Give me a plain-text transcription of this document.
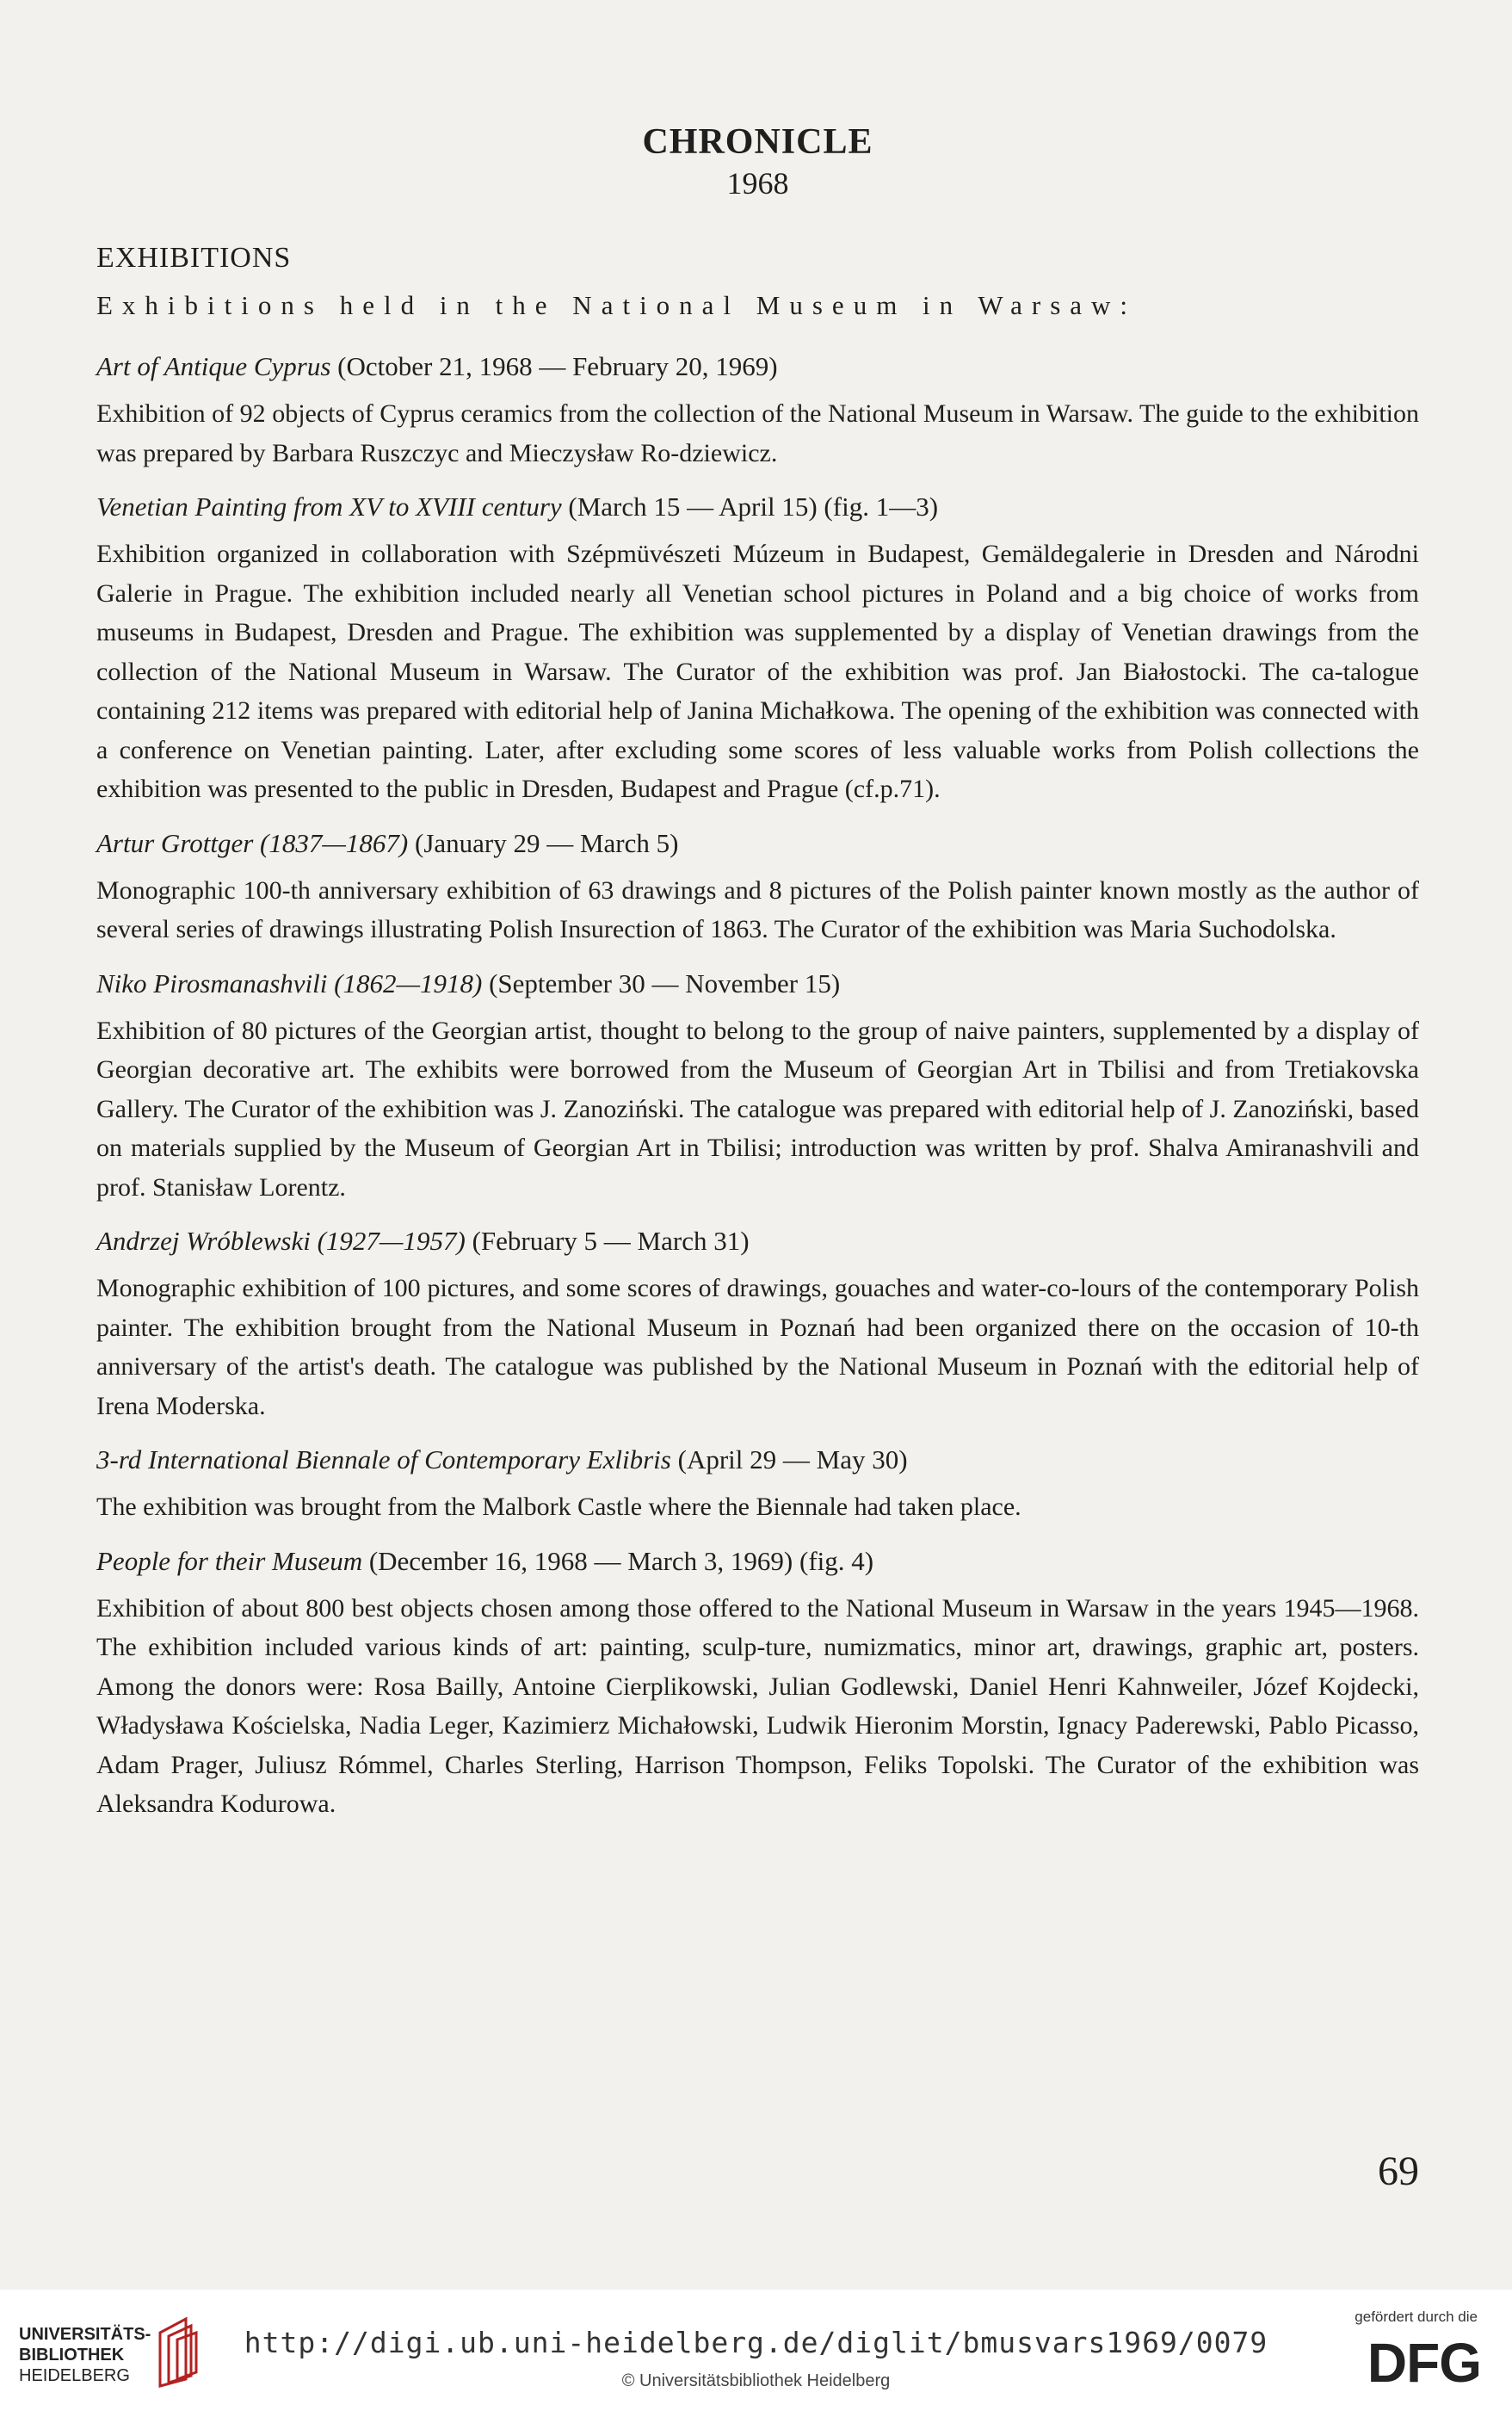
CHRONICLE
1968
EXHIBITIONS
Exhibitions held in the National Museum in Warsaw:

Art of Antique Cyprus (October 21, 1968 — February 20, 1969)

Exhibition of 92 objects of Cyprus ceramics from the collection of the National Museum in Warsaw. The guide to the exhibition was prepared by Barbara Ruszczyc and Mieczysław Ro-dziewicz.

Venetian Painting from XV to XVIII century (March 15 — April 15) (fig. 1—3)

Exhibition organized in collaboration with Szépmüvészeti Múzeum in Budapest, Gemäldegalerie in Dresden and Národni Galerie in Prague. The exhibition included nearly all Venetian school pictures in Poland and a big choice of works from museums in Budapest, Dresden and Prague. The exhibition was supplemented by a display of Venetian drawings from the collection of the National Museum in Warsaw. The Curator of the exhibition was prof. Jan Białostocki. The ca-talogue containing 212 items was prepared with editorial help of Janina Michałkowa. The opening of the exhibition was connected with a conference on Venetian painting. Later, after excluding some scores of less valuable works from Polish collections the exhibition was presented to the public in Dresden, Budapest and Prague (cf.p.71).

Artur Grottger (1837—1867) (January 29 — March 5)

Monographic 100-th anniversary exhibition of 63 drawings and 8 pictures of the Polish painter known mostly as the author of several series of drawings illustrating Polish Insurection of 1863. The Curator of the exhibition was Maria Suchodolska.

Niko Pirosmanashvili (1862—1918) (September 30 — November 15)

Exhibition of 80 pictures of the Georgian artist, thought to belong to the group of naive painters, supplemented by a display of Georgian decorative art. The exhibits were borrowed from the Museum of Georgian Art in Tbilisi and from Tretiakovska Gallery. The Curator of the exhibition was J. Zanoziński. The catalogue was prepared with editorial help of J. Zanoziński, based on materials supplied by the Museum of Georgian Art in Tbilisi; introduction was written by prof. Shalva Amiranashvili and prof. Stanisław Lorentz.

Andrzej Wróblewski (1927—1957) (February 5 — March 31)

Monographic exhibition of 100 pictures, and some scores of drawings, gouaches and water-co-lours of the contemporary Polish painter. The exhibition brought from the National Museum in Poznań had been organized there on the occasion of 10-th anniversary of the artist's death. The catalogue was published by the National Museum in Poznań with the editorial help of Irena Moderska.

3-rd International Biennale of Contemporary Exlibris (April 29 — May 30)

The exhibition was brought from the Malbork Castle where the Biennale had taken place.

People for their Museum (December 16, 1968 — March 3, 1969) (fig. 4)

Exhibition of about 800 best objects chosen among those offered to the National Museum in Warsaw in the years 1945—1968. The exhibition included various kinds of art: painting, sculp-ture, numizmatics, minor art, drawings, graphic art, posters. Among the donors were: Rosa Bailly, Antoine Cierplikowski, Julian Godlewski, Daniel Henri Kahnweiler, Józef Kojdecki, Władysława Kościelska, Nadia Leger, Kazimierz Michałowski, Ludwik Hieronim Morstin, Ignacy Paderewski, Pablo Picasso, Adam Prager, Juliusz Rómmel, Charles Sterling, Harrison Thompson, Feliks Topolski. The Curator of the exhibition was Aleksandra Kodurowa.

69
UNIVERSITÄTS-
BIBLIOTHEK
HEIDELBERG
http://digi.ub.uni-heidelberg.de/diglit/bmusvars1969/0079
© Universitätsbibliothek Heidelberg
gefördert durch die
DFG
